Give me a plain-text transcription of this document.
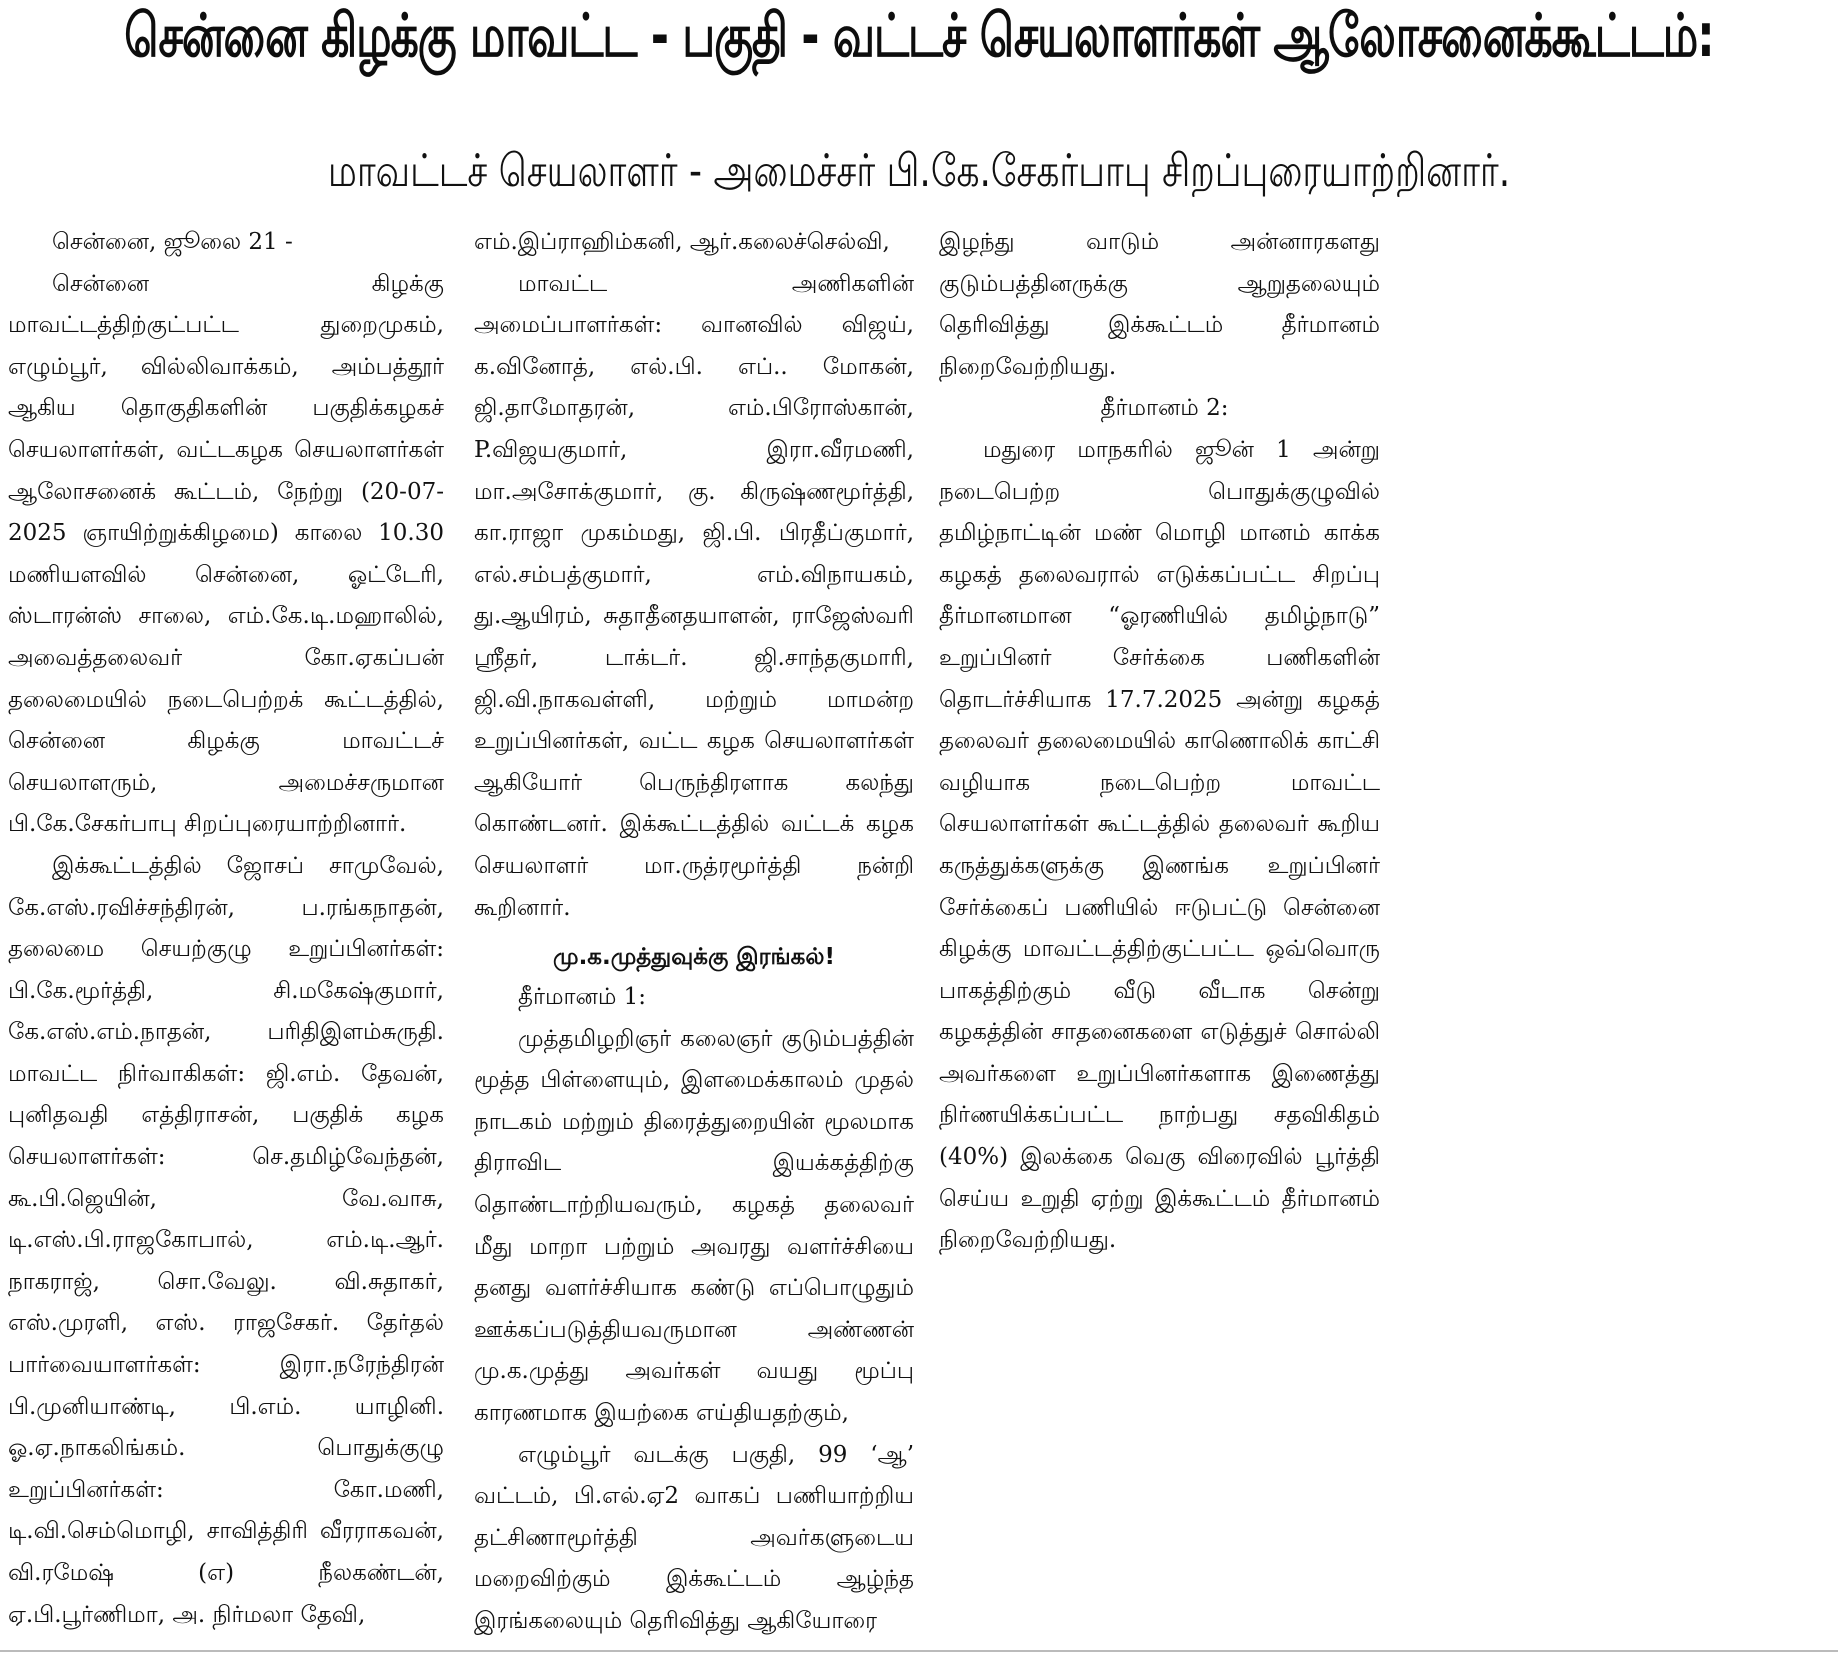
சென்னை கிழக்கு மாவட்ட - பகுதி - வட்டச் செயலாளர்கள் ஆலோசனைக்கூட்டம்:
மாவட்டச் செயலாளர் - அமைச்சர் பி.கே.சேகர்பாபு சிறப்புரையாற்றினார்.
சென்னை, ஜூலை 21 -

சென்னை கிழக்கு மாவட்டத்திற்குட்பட்ட துறைமுகம், எழும்பூர், வில்லிவாக்கம், அம்பத்தூர் ஆகிய தொகுதிகளின் பகுதிக்கழகச் செயலாளர்கள், வட்டகழக செயலாளர்கள் ஆலோசனைக் கூட்டம், நேற்று (20-07-2025 ஞாயிற்றுக்கிழமை) காலை 10.30 மணியளவில் சென்னை, ஓட்டேரி, ஸ்டாரன்ஸ் சாலை, எம்.கே.டி.மஹாலில், அவைத்தலைவர் கோ.ஏகப்பன் தலைமையில் நடைபெற்றக் கூட்டத்தில், சென்னை கிழக்கு மாவட்டச் செயலாளரும், அமைச்சருமான பி.கே.சேகர்பாபு சிறப்புரையாற்றினார்.

இக்கூட்டத்தில் ஜோசப் சாமுவேல், கே.எஸ்.ரவிச்சந்திரன், ப.ரங்கநாதன், தலைமை செயற்குழு உறுப்பினர்கள்: பி.கே.மூர்த்தி, சி.மகேஷ்குமார், கே.எஸ்.எம்.நாதன், பரிதிஇளம்சுருதி. மாவட்ட நிர்வாகிகள்: ஜி.எம். தேவன், புனிதவதி எத்திராசன், பகுதிக் கழக செயலாளர்கள்: செ.தமிழ்வேந்தன், கூ.பி.ஜெயின், வே.வாசு, டி.எஸ்.பி.ராஜகோபால், எம்.டி.ஆர். நாகராஜ், சொ.வேலு. வி.சுதாகர், எஸ்.முரளி, எஸ். ராஜசேகர். தேர்தல் பார்வையாளர்கள்: இரா.நரேந்திரன் பி.முனியாண்டி, பி.எம். யாழினி. ஓ.ஏ.நாகலிங்கம். பொதுக்குழு உறுப்பினர்கள்: கோ.மணி, டி.வி.செம்மொழி, சாவித்திரி வீரராகவன், வி.ரமேஷ் (எ) நீலகண்டன், ஏ.பி.பூர்ணிமா, அ. நிர்மலா தேவி,

எம்.இப்ராஹிம்கனி, ஆர்.கலைச்செல்வி,

மாவட்ட அணிகளின் அமைப்பாளர்கள்: வானவில் விஜய், க.வினோத், எல்.பி. எப்.. மோகன், ஜி.தாமோதரன், எம்.பிரோஸ்கான், P.விஜயகுமார், இரா.வீரமணி, மா.அசோக்குமார், கு. கிருஷ்ணமூர்த்தி, கா.ராஜா முகம்மது, ஜி.பி. பிரதீப்குமார், எல்.சம்பத்குமார், எம்.விநாயகம், து.ஆயிரம், சுதாதீனதயாளன், ராஜேஸ்வரி ஸ்ரீதர், டாக்டர். ஜி.சாந்தகுமாரி, ஜி.வி.நாகவள்ளி, மற்றும் மாமன்ற உறுப்பினர்கள், வட்ட கழக செயலாளர்கள் ஆகியோர் பெருந்திரளாக கலந்து கொண்டனர். இக்கூட்டத்தில் வட்டக் கழக செயலாளர் மா.ருத்ரமூர்த்தி நன்றி கூறினார்.

மு.க.முத்துவுக்கு இரங்கல்!
தீர்மானம் 1:

முத்தமிழறிஞர் கலைஞர் குடும்பத்தின் மூத்த பிள்ளையும், இளமைக்காலம் முதல் நாடகம் மற்றும் திரைத்துறையின் மூலமாக திராவிட இயக்கத்திற்கு தொண்டாற்றியவரும், கழகத் தலைவர் மீது மாறா பற்றும் அவரது வளர்ச்சியை தனது வளர்ச்சியாக கண்டு எப்பொழுதும் ஊக்கப்படுத்தியவருமான அண்ணன் மு.க.முத்து அவர்கள் வயது மூப்பு காரணமாக இயற்கை எய்தியதற்கும்,

எழும்பூர் வடக்கு பகுதி, 99 ‘ஆ’ வட்டம், பி.எல்.ஏ2 வாகப் பணியாற்றிய தட்சிணாமூர்த்தி அவர்களுடைய மறைவிற்கும் இக்கூட்டம் ஆழ்ந்த இரங்கலையும் தெரிவித்து ஆகியோரை

இழந்து வாடும் அன்னாரகளது குடும்பத்தினருக்கு ஆறுதலையும் தெரிவித்து இக்கூட்டம் தீர்மானம் நிறைவேற்றியது.

தீர்மானம் 2:

மதுரை மாநகரில் ஜூன் 1 அன்று நடைபெற்ற பொதுக்குழுவில் தமிழ்நாட்டின் மண் மொழி மானம் காக்க கழகத் தலைவரால் எடுக்கப்பட்ட சிறப்பு தீர்மானமான “ஓரணியில் தமிழ்நாடு” உறுப்பினர் சேர்க்கை பணிகளின் தொடர்ச்சியாக 17.7.2025 அன்று கழகத் தலைவர் தலைமையில் காணொலிக் காட்சி வழியாக நடைபெற்ற மாவட்ட செயலாளர்கள் கூட்டத்தில் தலைவர் கூறிய கருத்துக்களுக்கு இணங்க உறுப்பினர் சேர்க்கைப் பணியில் ஈடுபட்டு சென்னை கிழக்கு மாவட்டத்திற்குட்பட்ட ஒவ்வொரு பாகத்திற்கும் வீடு வீடாக சென்று கழகத்தின் சாதனைகளை எடுத்துச் சொல்லி அவர்களை உறுப்பினர்களாக இணைத்து நிர்ணயிக்கப்பட்ட நாற்பது சதவிகிதம் (40%) இலக்கை வெகு விரைவில் பூர்த்தி செய்ய உறுதி ஏற்று இக்கூட்டம் தீர்மானம் நிறைவேற்றியது.
